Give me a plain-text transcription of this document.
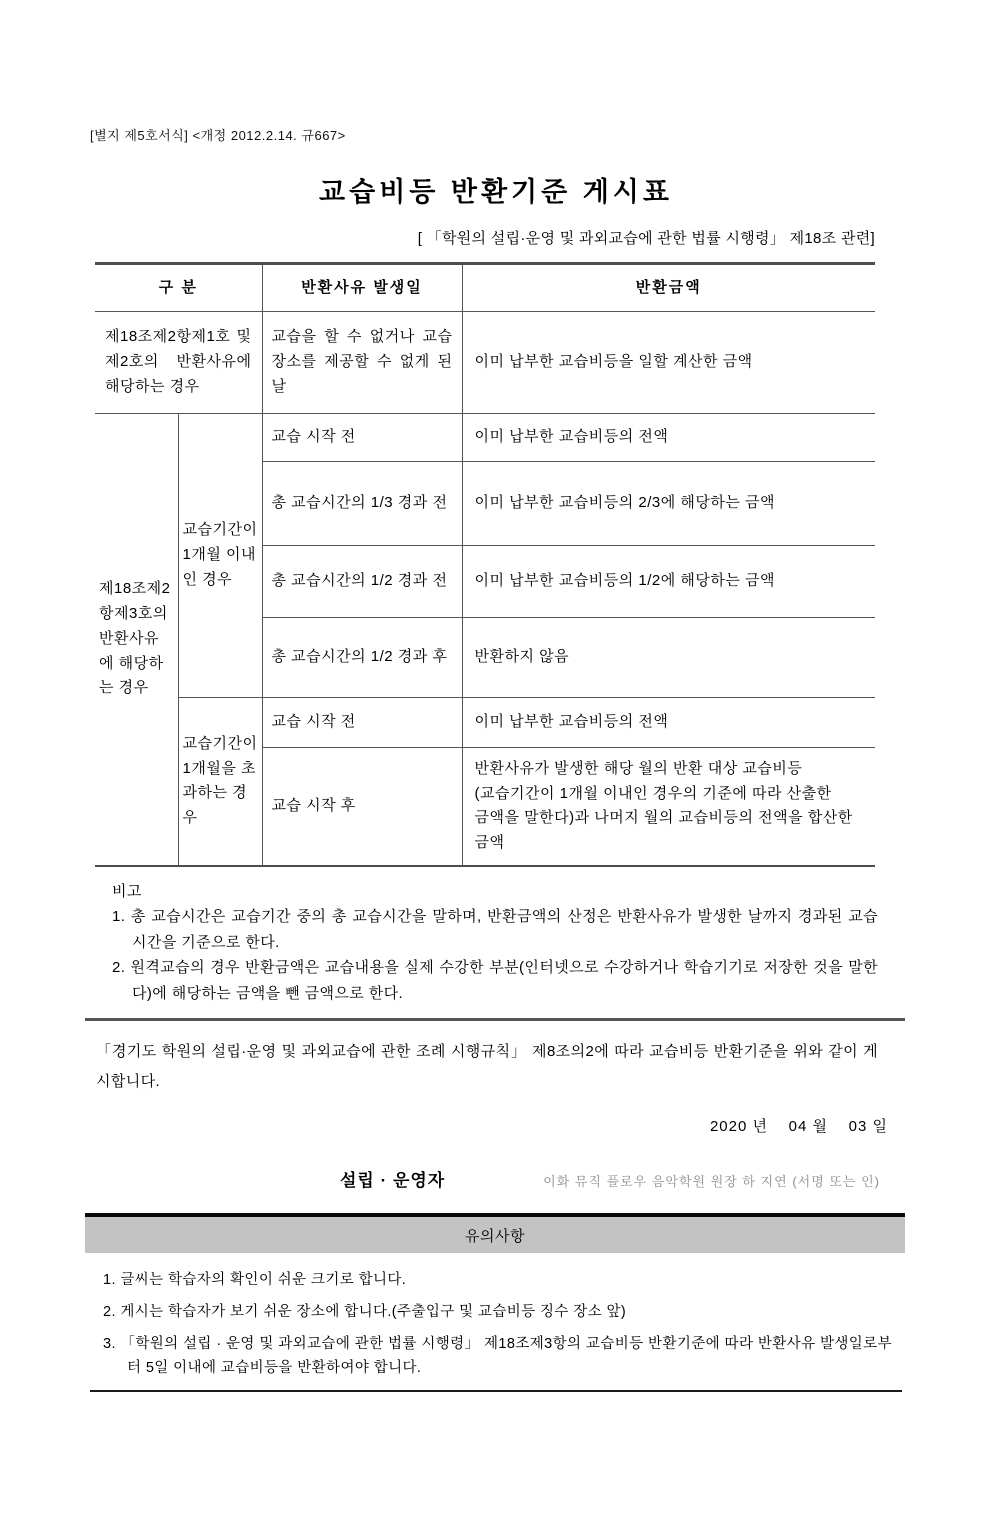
[별지 제5호서식] <개정 2012.2.14. 규667>
교습비등 반환기준 게시표
[ 「학원의 설립·운영 및 과외교습에 관한 법률 시행령」 제18조 관련]
구 분		반환사유 발생일	반환금액
제18조제2항제1호 및 제2호의 반환사유에 해당하는 경우		교습을 할 수 없거나 교습 장소를 제공할 수 없게 된 날	이미 납부한 교습비등을 일할 계산한 금액
제18조제2항제3호의 반환사유에 해당하는 경우	교습기간이 1개월 이내인 경우	교습 시작 전	이미 납부한 교습비등의 전액
		총 교습시간의 1/3 경과 전	이미 납부한 교습비등의 2/3에 해당하는 금액
		총 교습시간의 1/2 경과 전	이미 납부한 교습비등의 1/2에 해당하는 금액
		총 교습시간의 1/2 경과 후	반환하지 않음
	교습기간이 1개월을 초과하는 경우	교습 시작 전	이미 납부한 교습비등의 전액
		교습 시작 후	반환사유가 발생한 해당 월의 반환 대상 교습비등(교습기간이 1개월 이내인 경우의 기준에 따라 산출한 금액을 말한다)과 나머지 월의 교습비등의 전액을 합산한 금액
비고
1. 총 교습시간은 교습기간 중의 총 교습시간을 말하며, 반환금액의 산정은 반환사유가 발생한 날까지 경과된 교습시간을 기준으로 한다.
2. 원격교습의 경우 반환금액은 교습내용을 실제 수강한 부분(인터넷으로 수강하거나 학습기기로 저장한 것을 말한다)에 해당하는 금액을 뺀 금액으로 한다.
「경기도 학원의 설립·운영 및 과외교습에 관한 조례 시행규칙」 제8조의2에 따라 교습비등 반환기준을 위와 같이 게시합니다.
2020 년    04 월    03 일
설립 · 운영자	이화 뮤직 플로우 음악학원 원장 하 지연 (서명 또는 인)
유의사항
1. 글씨는 학습자의 확인이 쉬운 크기로 합니다.
2. 게시는 학습자가 보기 쉬운 장소에 합니다.(주출입구 및 교습비등 징수 장소 앞)
3. 「학원의 설립 · 운영 및 과외교습에 관한 법률 시행령」 제18조제3항의 교습비등 반환기준에 따라 반환사유 발생일로부터 5일 이내에 교습비등을 반환하여야 합니다.
